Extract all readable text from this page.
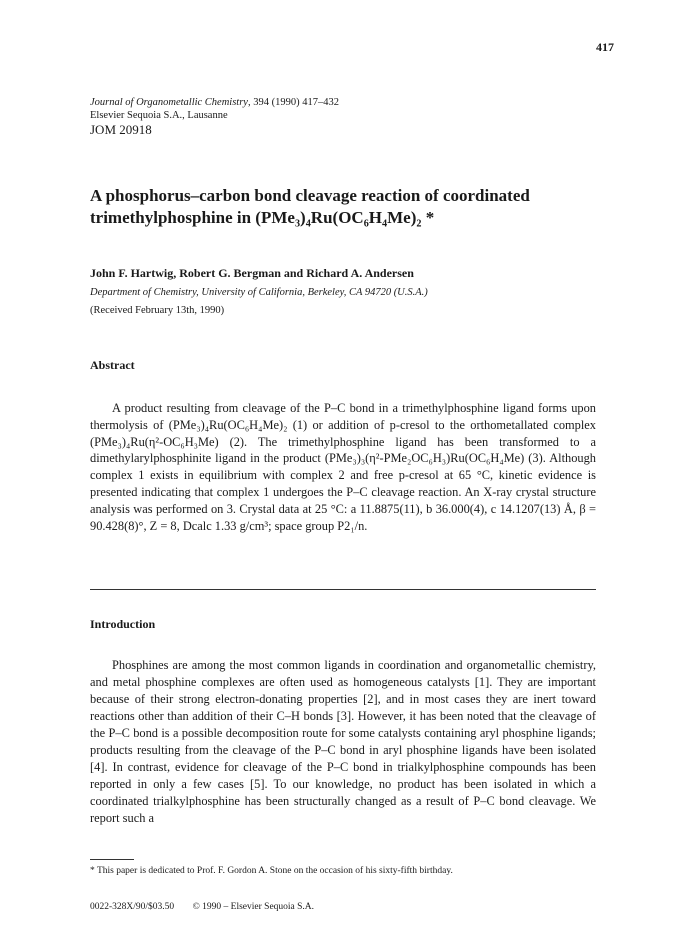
417
Journal of Organometallic Chemistry, 394 (1990) 417–432
Elsevier Sequoia S.A., Lausanne
JOM 20918
A phosphorus–carbon bond cleavage reaction of coordinated trimethylphosphine in (PMe₃)₄Ru(OC₆H₄Me)₂ *
John F. Hartwig, Robert G. Bergman and Richard A. Andersen
Department of Chemistry, University of California, Berkeley, CA 94720 (U.S.A.)
(Received February 13th, 1990)
Abstract

A product resulting from cleavage of the P–C bond in a trimethylphosphine ligand forms upon thermolysis of (PMe₃)₄Ru(OC₆H₄Me)₂ (1) or addition of p-cresol to the orthometallated complex (PMe₃)₄Ru(η²-OC₆H₃Me) (2). The trimethylphosphine ligand has been transformed to a dimethylarylphosphinite ligand in the product (PMe₃)₃(η²-PMe₂OC₆H₃)Ru(OC₆H₄Me) (3). Although complex 1 exists in equilibrium with complex 2 and free p-cresol at 65 °C, kinetic evidence is presented indicating that complex 1 undergoes the P–C cleavage reaction. An X-ray crystal structure analysis was performed on 3. Crystal data at 25 °C: a 11.8875(11), b 36.000(4), c 14.1207(13) Å, β = 90.428(8)°, Z = 8, Dcalc 1.33 g/cm³; space group P2₁/n.

Introduction

Phosphines are among the most common ligands in coordination and organometallic chemistry, and metal phosphine complexes are often used as homogeneous catalysts [1]. They are important because of their strong electron-donating properties [2], and in most cases they are inert toward reactions other than addition of their C–H bonds [3]. However, it has been noted that the cleavage of the P–C bond is a possible decomposition route for some catalysts containing aryl phosphine ligands; products resulting from the cleavage of the P–C bond in aryl phosphine ligands have been isolated [4]. In contrast, evidence for cleavage of the P–C bond in trialkylphosphine compounds has been reported in only a few cases [5]. To our knowledge, no product has been isolated in which a coordinated trialkylphosphine has been structurally changed as a result of P–C bond cleavage. We report such a

* This paper is dedicated to Prof. F. Gordon A. Stone on the occasion of his sixty-fifth birthday.
0022-328X/90/$03.50 © 1990 – Elsevier Sequoia S.A.
